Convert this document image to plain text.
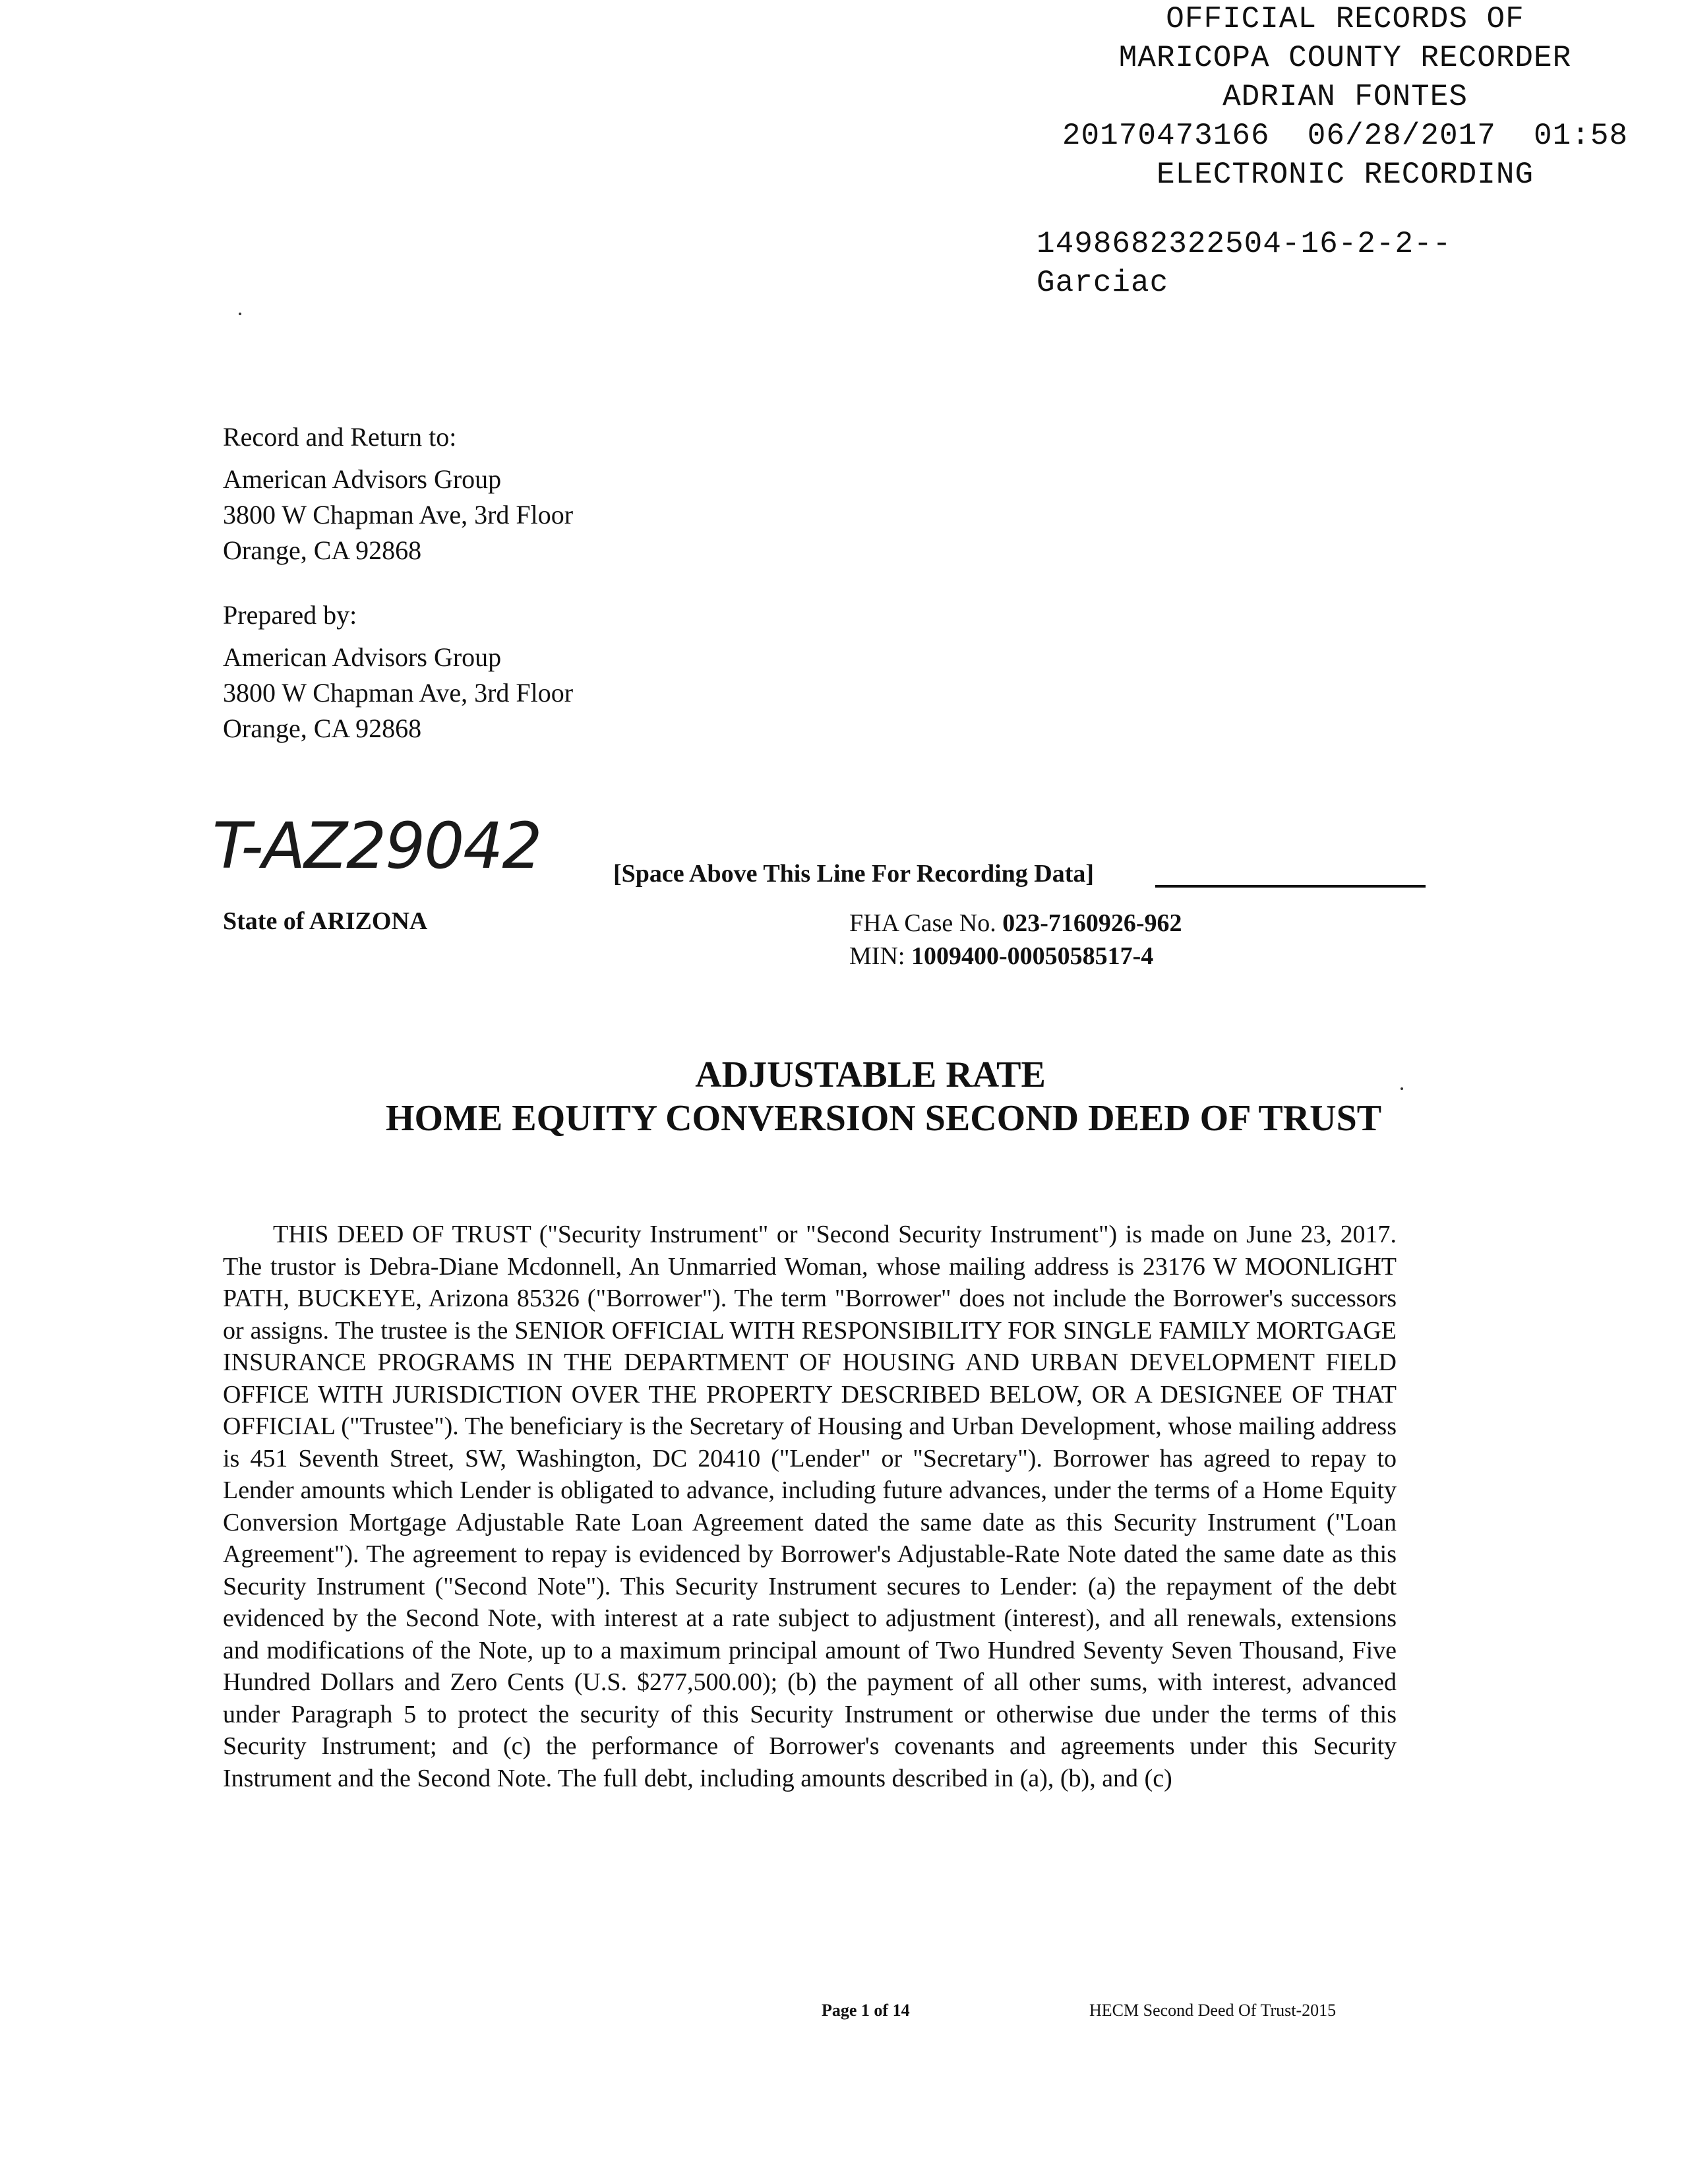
OFFICIAL RECORDS OF
MARICOPA COUNTY RECORDER
ADRIAN FONTES
20170473166  06/28/2017  01:58
ELECTRONIC RECORDING
1498682322504-16-2-2--
Garciac
Record and Return to:
American Advisors Group
3800 W Chapman Ave, 3rd Floor
Orange, CA 92868
Prepared by:
American Advisors Group
3800 W Chapman Ave, 3rd Floor
Orange, CA 92868
T-AZ29042	[Space Above This Line For Recording Data]
State of ARIZONA	FHA Case No. 023-7160926-962
MIN: 1009400-0005058517-4
ADJUSTABLE RATE
HOME EQUITY CONVERSION SECOND DEED OF TRUST
THIS DEED OF TRUST ("Security Instrument" or "Second Security Instrument") is made on June 23, 2017. The trustor is Debra-Diane Mcdonnell, An Unmarried Woman, whose mailing address is 23176 W MOONLIGHT PATH, BUCKEYE, Arizona 85326 ("Borrower"). The term "Borrower" does not include the Borrower's successors or assigns. The trustee is the SENIOR OFFICIAL WITH RESPONSIBILITY FOR SINGLE FAMILY MORTGAGE INSURANCE PROGRAMS IN THE DEPARTMENT OF HOUSING AND URBAN DEVELOPMENT FIELD OFFICE WITH JURISDICTION OVER THE PROPERTY DESCRIBED BELOW, OR A DESIGNEE OF THAT OFFICIAL ("Trustee"). The beneficiary is the Secretary of Housing and Urban Development, whose mailing address is 451 Seventh Street, SW, Washington, DC 20410 ("Lender" or "Secretary"). Borrower has agreed to repay to Lender amounts which Lender is obligated to advance, including future advances, under the terms of a Home Equity Conversion Mortgage Adjustable Rate Loan Agreement dated the same date as this Security Instrument ("Loan Agreement"). The agreement to repay is evidenced by Borrower's Adjustable-Rate Note dated the same date as this Security Instrument ("Second Note"). This Security Instrument secures to Lender: (a) the repayment of the debt evidenced by the Second Note, with interest at a rate subject to adjustment (interest), and all renewals, extensions and modifications of the Note, up to a maximum principal amount of Two Hundred Seventy Seven Thousand, Five Hundred Dollars and Zero Cents (U.S. $277,500.00); (b) the payment of all other sums, with interest, advanced under Paragraph 5 to protect the security of this Security Instrument or otherwise due under the terms of this Security Instrument; and (c) the performance of Borrower's covenants and agreements under this Security Instrument and the Second Note. The full debt, including amounts described in (a), (b), and (c)
Page 1 of 14	HECM Second Deed Of Trust-2015
